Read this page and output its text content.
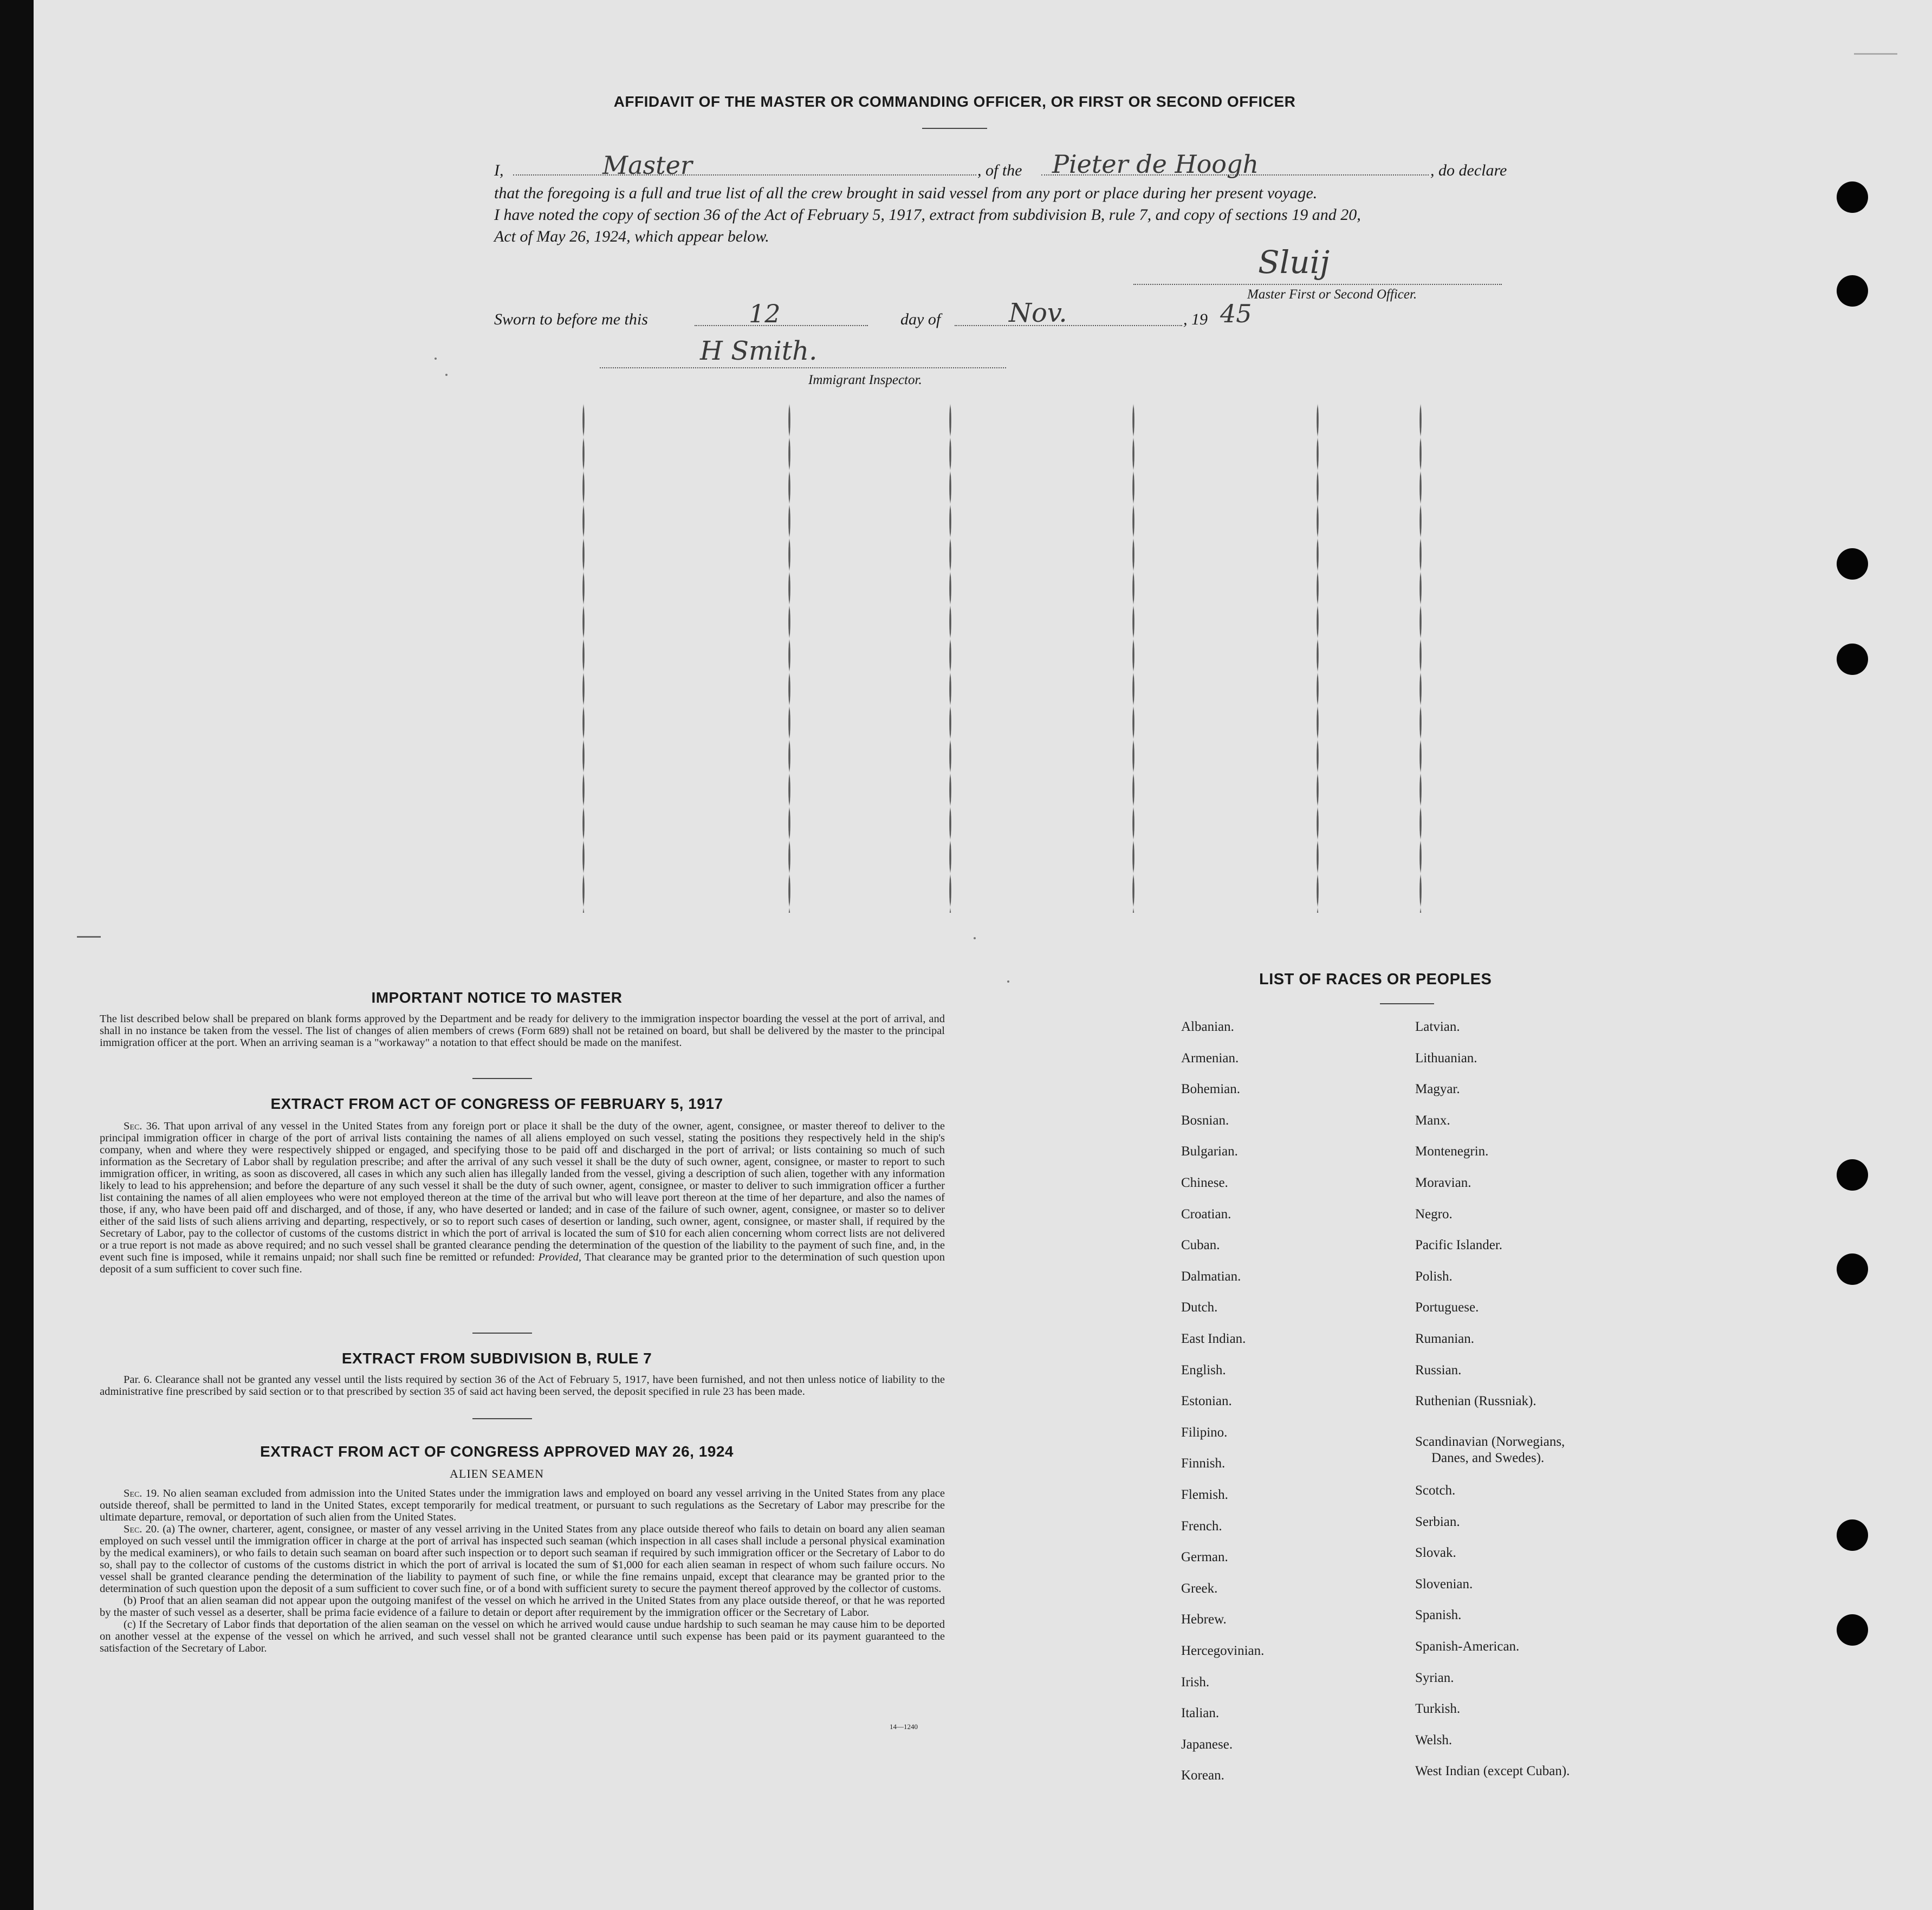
AFFIDAVIT OF THE MASTER OR COMMANDING OFFICER, OR FIRST OR SECOND OFFICER
I,	Master	, of the Pieter de Hoogh	, do declare
that the foregoing is a full and true list of all the crew brought in said vessel from any port or place during her present voyage.
I have noted the copy of section 36 of the Act of February 5, 1917, extract from subdivision B, rule 7, and copy of sections 19 and 20,
Act of May 26, 1924, which appear below.
Sluij
Master First or Second Officer.
Sworn to before me this	12	day of	Nov.	, 19 45
H Smith.
Immigrant Inspector.
IMPORTANT NOTICE TO MASTER
The list described below shall be prepared on blank forms approved by the Department and be ready for delivery to the immigration inspector boarding the vessel at the port of arrival, and shall in no instance be taken from the vessel. The list of changes of alien members of crews (Form 689) shall not be retained on board, but shall be delivered by the master to the principal immigration officer at the port. When an arriving seaman is a "workaway" a notation to that effect should be made on the manifest.
EXTRACT FROM ACT OF CONGRESS OF FEBRUARY 5, 1917
Sec. 36. That upon arrival of any vessel in the United States from any foreign port or place it shall be the duty of the owner, agent, consignee, or master thereof to deliver to the principal immigration officer in charge of the port of arrival lists containing the names of all aliens employed on such vessel, stating the positions they respectively held in the ship's company, when and where they were respectively shipped or engaged, and specifying those to be paid off and discharged in the port of arrival; or lists containing so much of such information as the Secretary of Labor shall by regulation prescribe; and after the arrival of any such vessel it shall be the duty of such owner, agent, consignee, or master to report to such immigration officer, in writing, as soon as discovered, all cases in which any such alien has illegally landed from the vessel, giving a description of such alien, together with any information likely to lead to his apprehension; and before the departure of any such vessel it shall be the duty of such owner, agent, consignee, or master to deliver to such immigration officer a further list containing the names of all alien employees who were not employed thereon at the time of the arrival but who will leave port thereon at the time of her departure, and also the names of those, if any, who have been paid off and discharged, and of those, if any, who have deserted or landed; and in case of the failure of such owner, agent, consignee, or master so to deliver either of the said lists of such aliens arriving and departing, respectively, or so to report such cases of desertion or landing, such owner, agent, consignee, or master shall, if required by the Secretary of Labor, pay to the collector of customs of the customs district in which the port of arrival is located the sum of $10 for each alien concerning whom correct lists are not delivered or a true report is not made as above required; and no such vessel shall be granted clearance pending the determination of the question of the liability to the payment of such fine, and, in the event such fine is imposed, while it remains unpaid; nor shall such fine be remitted or refunded: Provided, That clearance may be granted prior to the determination of such question upon deposit of a sum sufficient to cover such fine.
EXTRACT FROM SUBDIVISION B, RULE 7
Par. 6. Clearance shall not be granted any vessel until the lists required by section 36 of the Act of February 5, 1917, have been furnished, and not then unless notice of liability to the administrative fine prescribed by said section or to that prescribed by section 35 of said act having been served, the deposit specified in rule 23 has been made.
EXTRACT FROM ACT OF CONGRESS APPROVED MAY 26, 1924
ALIEN SEAMEN
Sec. 19. No alien seaman excluded from admission into the United States under the immigration laws and employed on board any vessel arriving in the United States from any place outside thereof, shall be permitted to land in the United States, except temporarily for medical treatment, or pursuant to such regulations as the Secretary of Labor may prescribe for the ultimate departure, removal, or deportation of such alien from the United States.
Sec. 20. (a) The owner, charterer, agent, consignee, or master of any vessel arriving in the United States from any place outside thereof who fails to detain on board any alien seaman employed on such vessel until the immigration officer in charge at the port of arrival has inspected such seaman (which inspection in all cases shall include a personal physical examination by the medical examiners), or who fails to detain such seaman on board after such inspection or to deport such seaman if required by such immigration officer or the Secretary of Labor to do so, shall pay to the collector of customs of the customs district in which the port of arrival is located the sum of $1,000 for each alien seaman in respect of whom such failure occurs. No vessel shall be granted clearance pending the determination of the liability to payment of such fine, or while the fine remains unpaid, except that clearance may be granted prior to the determination of such question upon the deposit of a sum sufficient to cover such fine, or of a bond with sufficient surety to secure the payment thereof approved by the collector of customs.
(b) Proof that an alien seaman did not appear upon the outgoing manifest of the vessel on which he arrived in the United States from any place outside thereof, or that he was reported by the master of such vessel as a deserter, shall be prima facie evidence of a failure to detain or deport after requirement by the immigration officer or the Secretary of Labor.
(c) If the Secretary of Labor finds that deportation of the alien seaman on the vessel on which he arrived would cause undue hardship to such seaman he may cause him to be deported on another vessel at the expense of the vessel on which he arrived, and such vessel shall not be granted clearance until such expense has been paid or its payment guaranteed to the satisfaction of the Secretary of Labor.
14—1240
LIST OF RACES OR PEOPLES
Albanian.
Armenian.
Bohemian.
Bosnian.
Bulgarian.
Chinese.
Croatian.
Cuban.
Dalmatian.
Dutch.
East Indian.
English.
Estonian.
Filipino.
Finnish.
Flemish.
French.
German.
Greek.
Hebrew.
Hercegovinian.
Irish.
Italian.
Japanese.
Korean.
Latvian.
Lithuanian.
Magyar.
Manx.
Montenegrin.
Moravian.
Negro.
Pacific Islander.
Polish.
Portuguese.
Rumanian.
Russian.
Ruthenian (Russniak).
Scandinavian (Norwegians,
Scotch.
Serbian.
Slovak.
Slovenian.
Spanish.
Spanish-American.
Syrian.
Turkish.
Welsh.
West Indian (except Cuban).
Danes, and Swedes).
